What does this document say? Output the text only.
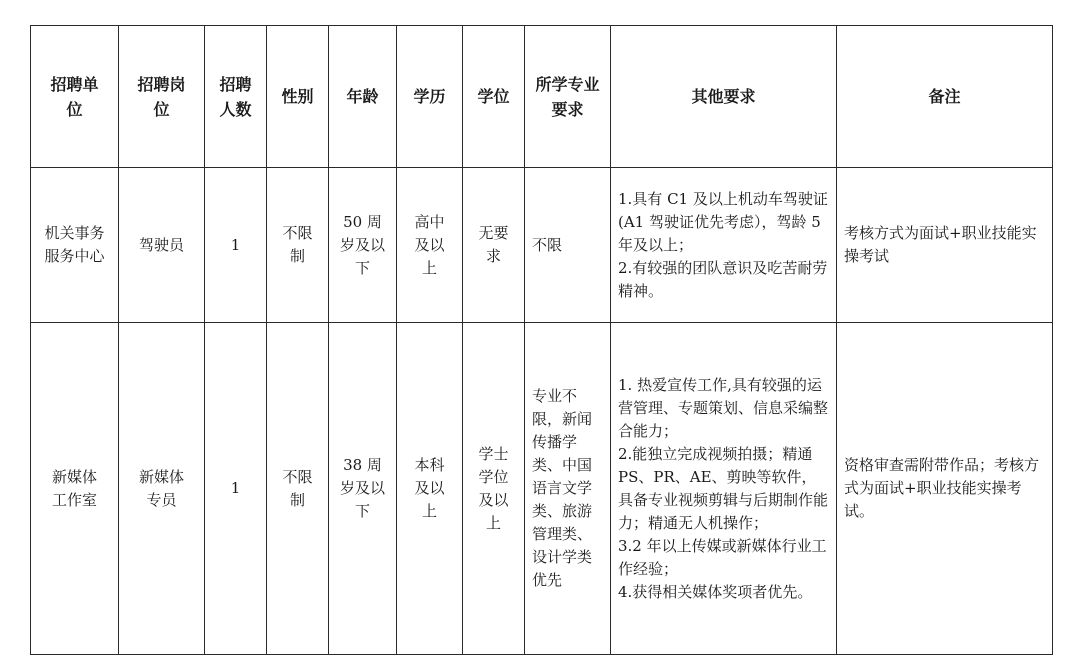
招聘单位	招聘岗位	招聘人数	性别	年龄	学历	学位	所学专业要求	其他要求	备注

机关事务服务中心	驾驶员	1	不限制	50 周岁及以下	高中及以上	无要求	不限	1.具有 C1 及以上机动车驾驶证(A1 驾驶证优先考虑），驾龄 5 年及以上；
2.有较强的团队意识及吃苦耐劳精神。	考核方式为面试+职业技能实操考试

新媒体工作室	新媒体专员	1	不限制	38 周岁及以下	本科及以上	学士学位及以上	专业不限，新闻传播学类、中国语言文学类、旅游管理类、设计学类优先	1. 热爱宣传工作,具有较强的运营管理、专题策划、信息采编整合能力；
2.能独立完成视频拍摄；精通 PS、PR、AE、剪映等软件，具备专业视频剪辑与后期制作能力；精通无人机操作；
3.2 年以上传媒或新媒体行业工作经验；
4.获得相关媒体奖项者优先。	资格审查需附带作品；考核方式为面试+职业技能实操考试。
